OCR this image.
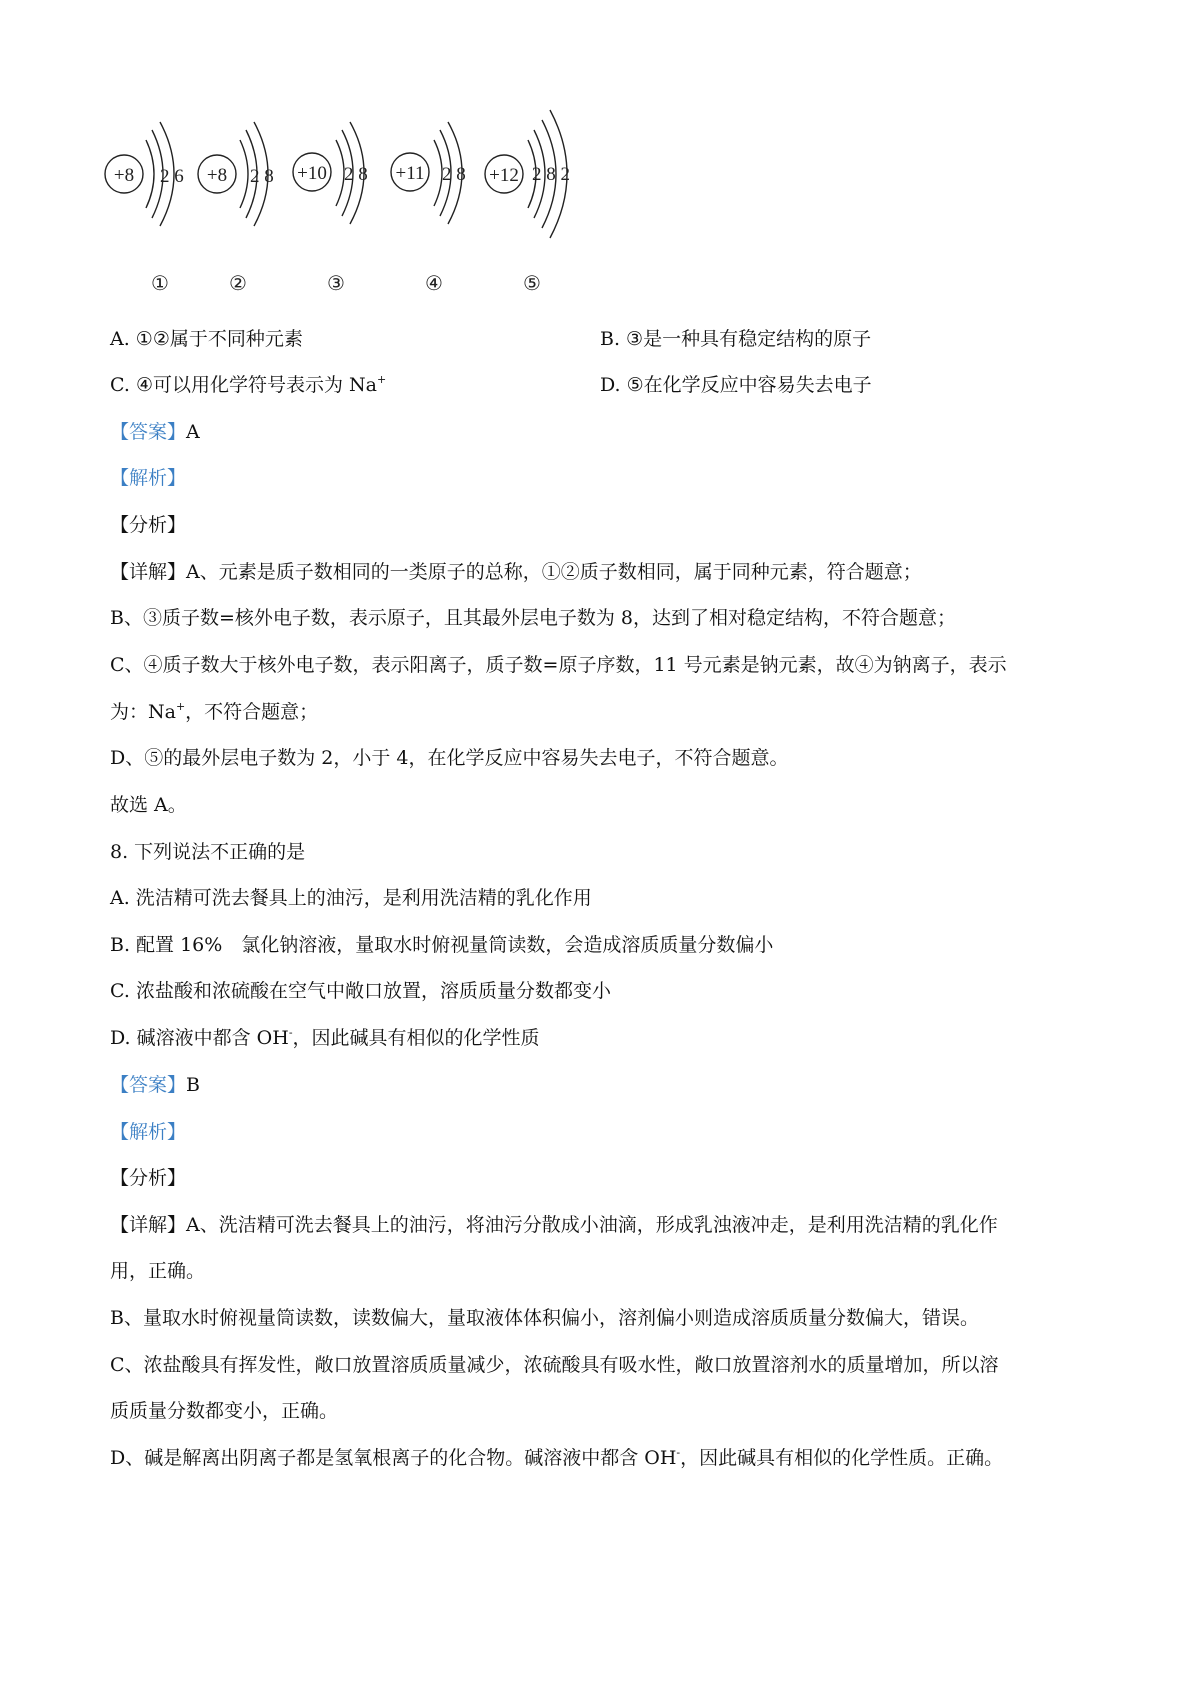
+8 2 6 +8 2 8 +10 2 8 +11 2 8 +12 2 8 2
①	②	③	④	⑤
A. ①②属于不同种元素	B. ③是一种具有稳定结构的原子
C. ④可以用化学符号表示为 Na+	D. ⑤在化学反应中容易失去电子
【答案】A
【解析】
【分析】
【详解】A、元素是质子数相同的一类原子的总称，①②质子数相同，属于同种元素，符合题意；
B、③质子数=核外电子数，表示原子，且其最外层电子数为 8，达到了相对稳定结构，不符合题意；
C、④质子数大于核外电子数，表示阳离子，质子数=原子序数，11 号元素是钠元素，故④为钠离子，表示
为：Na+，不符合题意；
D、⑤的最外层电子数为 2，小于 4，在化学反应中容易失去电子，不符合题意。
故选 A。
8. 下列说法不正确的是
A. 洗洁精可洗去餐具上的油污，是利用洗洁精的乳化作用
B. 配置 16%　氯化钠溶液，量取水时俯视量筒读数，会造成溶质质量分数偏小
C. 浓盐酸和浓硫酸在空气中敞口放置，溶质质量分数都变小
D. 碱溶液中都含 OH-，因此碱具有相似的化学性质
【答案】B
【解析】
【分析】
【详解】A、洗洁精可洗去餐具上的油污，将油污分散成小油滴，形成乳浊液冲走，是利用洗洁精的乳化作
用，正确。
B、量取水时俯视量筒读数，读数偏大，量取液体体积偏小，溶剂偏小则造成溶质质量分数偏大，错误。
C、浓盐酸具有挥发性，敞口放置溶质质量减少，浓硫酸具有吸水性，敞口放置溶剂水的质量增加，所以溶
质质量分数都变小，正确。
D、碱是解离出阴离子都是氢氧根离子的化合物。碱溶液中都含 OH-，因此碱具有相似的化学性质。正确。
